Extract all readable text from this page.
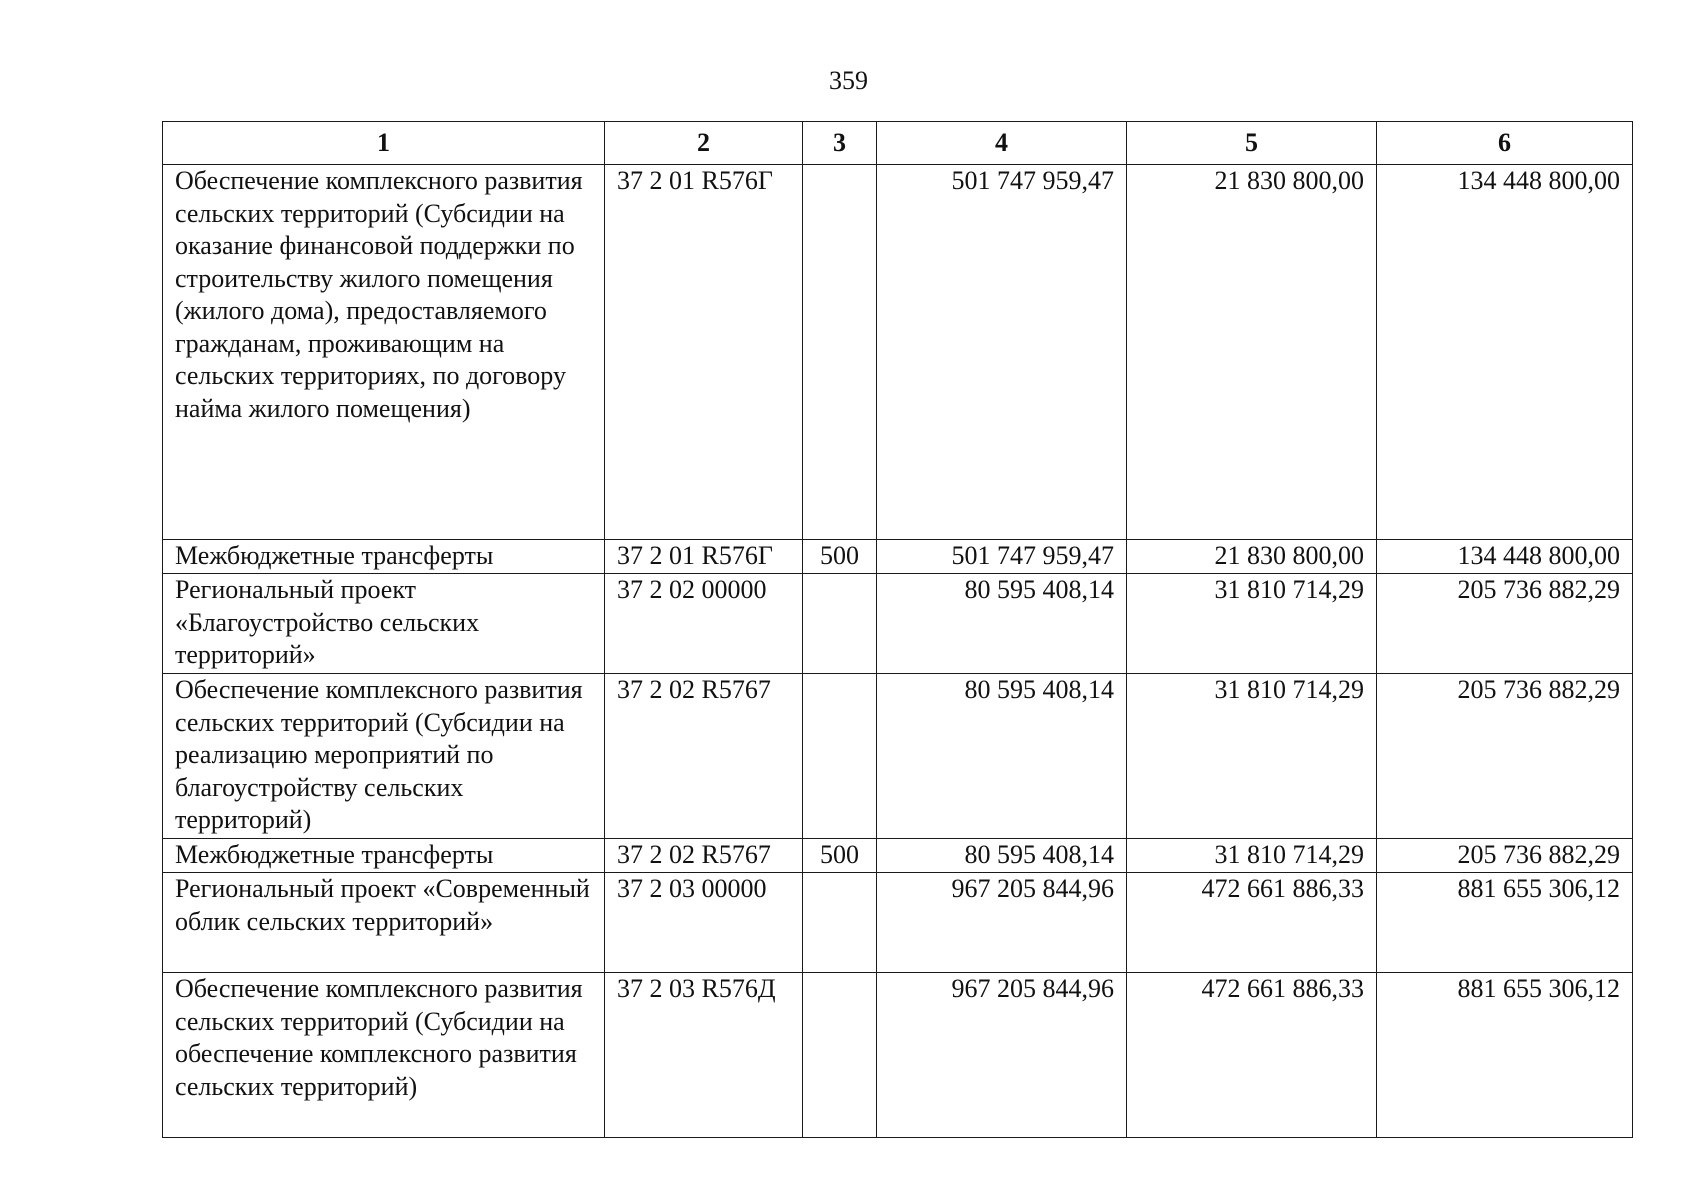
359
1	2	3	4	5	6
Обеспечение комплексного развития сельских территорий (Субсидии на оказание финансовой поддержки по строительству жилого помещения (жилого дома), предоставляемого гражданам, проживающим на сельских территориях, по договору найма жилого помещения)	37 2 01 R576Г		501 747 959,47	21 830 800,00	134 448 800,00
Межбюджетные трансферты	37 2 01 R576Г	500	501 747 959,47	21 830 800,00	134 448 800,00
Региональный проект «Благоустройство сельских территорий»	37 2 02 00000		80 595 408,14	31 810 714,29	205 736 882,29
Обеспечение комплексного развития сельских территорий (Субсидии на реализацию мероприятий по благоустройству сельских территорий)	37 2 02 R5767		80 595 408,14	31 810 714,29	205 736 882,29
Межбюджетные трансферты	37 2 02 R5767	500	80 595 408,14	31 810 714,29	205 736 882,29
Региональный проект «Современный облик сельских территорий»	37 2 03 00000		967 205 844,96	472 661 886,33	881 655 306,12
Обеспечение комплексного развития сельских территорий (Субсидии на обеспечение комплексного развития сельских территорий)	37 2 03 R576Д		967 205 844,96	472 661 886,33	881 655 306,12
